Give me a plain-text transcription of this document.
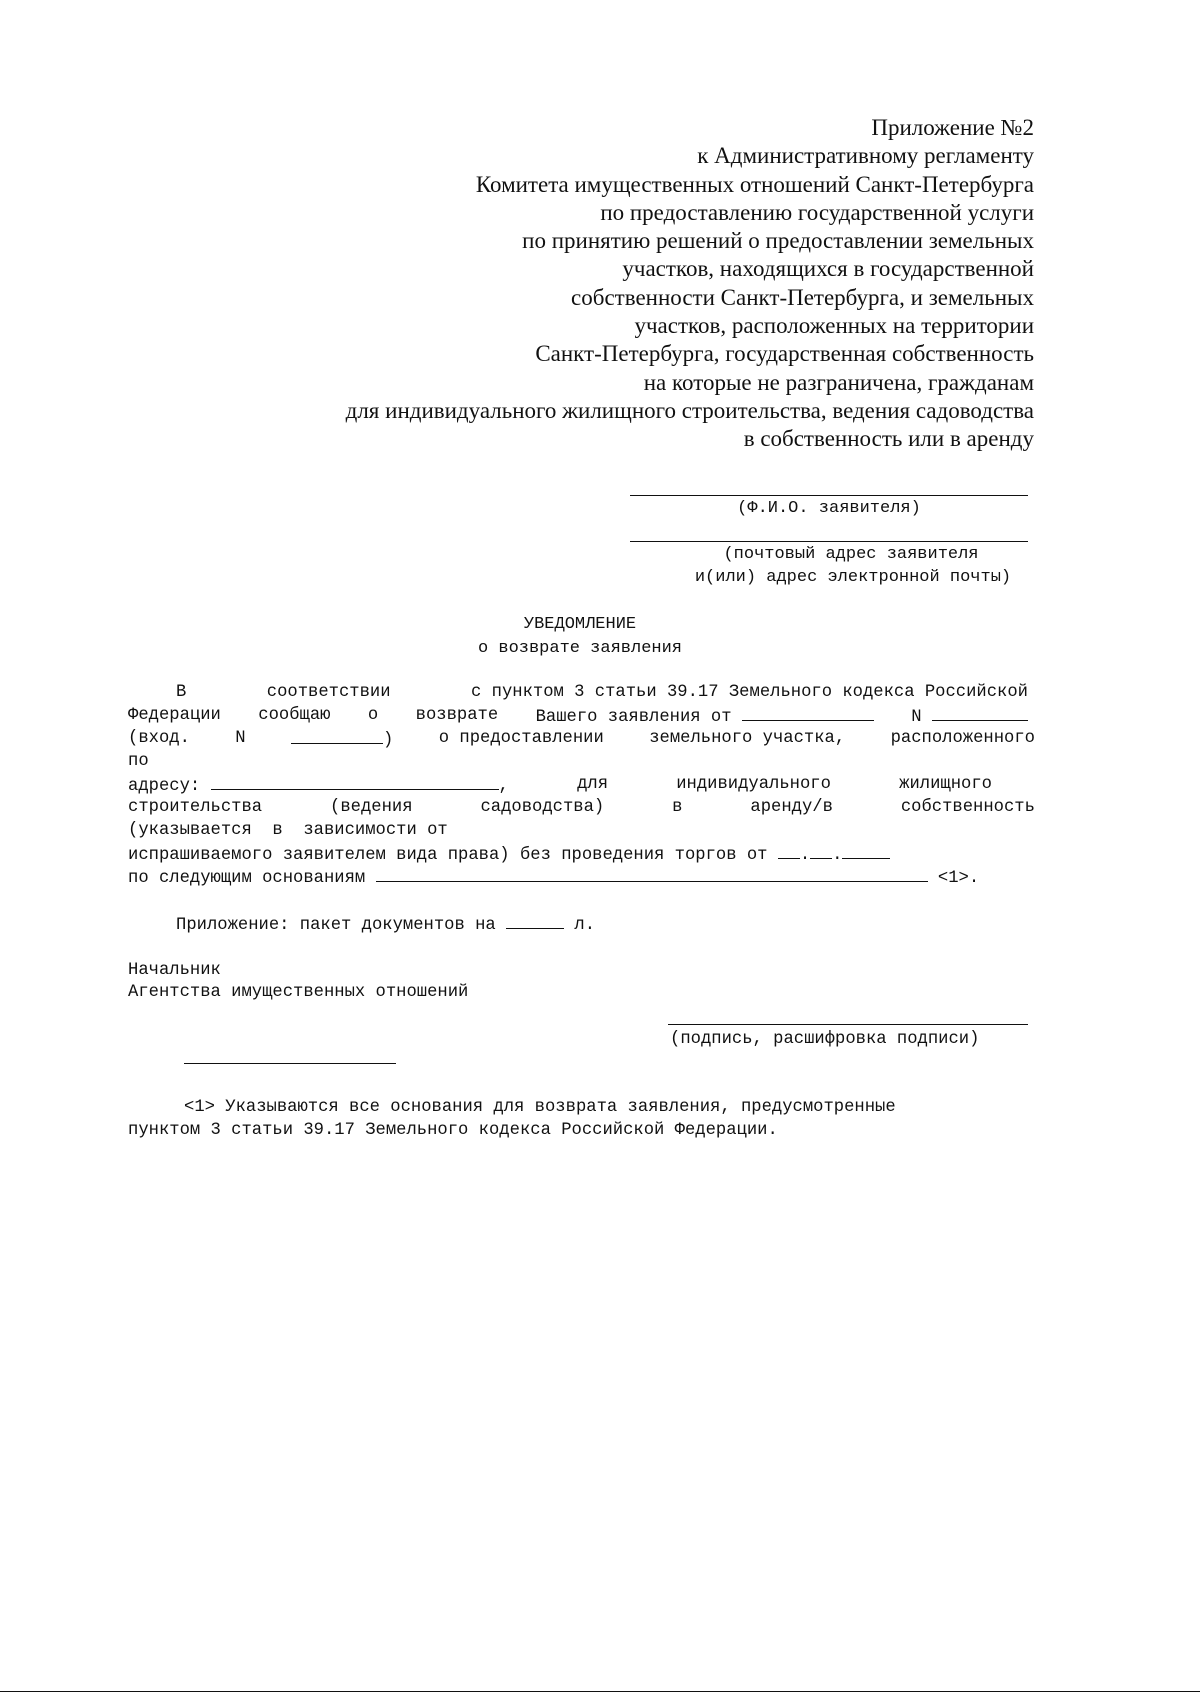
Приложение №2
к Административному регламенту
Комитета имущественных отношений Санкт-Петербурга
по предоставлению государственной услуги
по принятию решений о предоставлении земельных
участков, находящихся в государственной
собственности Санкт-Петербурга, и земельных
участков, расположенных на территории
Санкт-Петербурга, государственная собственность
на которые не разграничена, гражданам
для индивидуального жилищного строительства, ведения садоводства
в собственность или в аренду
(Ф.И.О. заявителя)
(почтовый адрес заявителя
и(или) адрес электронной почты)
УВЕДОМЛЕНИЕ
о возврате заявления
В	соответствии	с пунктом 3 статьи 39.17 Земельного кодекса Российской
Федерации сообщаю о возврате Вашего заявления от	N
(вход.	N	)	о предоставлении	земельного участка,	расположенного
по
адресу:	,	для	индивидуального	жилищного
строительства	(ведения	садоводства)	в	аренду/в	собственность
(указывается  в  зависимости от
испрашиваемого заявителем вида права) без проведения торгов от . .
по следующим основаниям	<1>.
Приложение: пакет документов на	л.
Начальник
Агентства имущественных отношений
(подпись, расшифровка подписи)
<1> Указываются все основания для возврата заявления, предусмотренные
пунктом 3 статьи 39.17 Земельного кодекса Российской Федерации.
